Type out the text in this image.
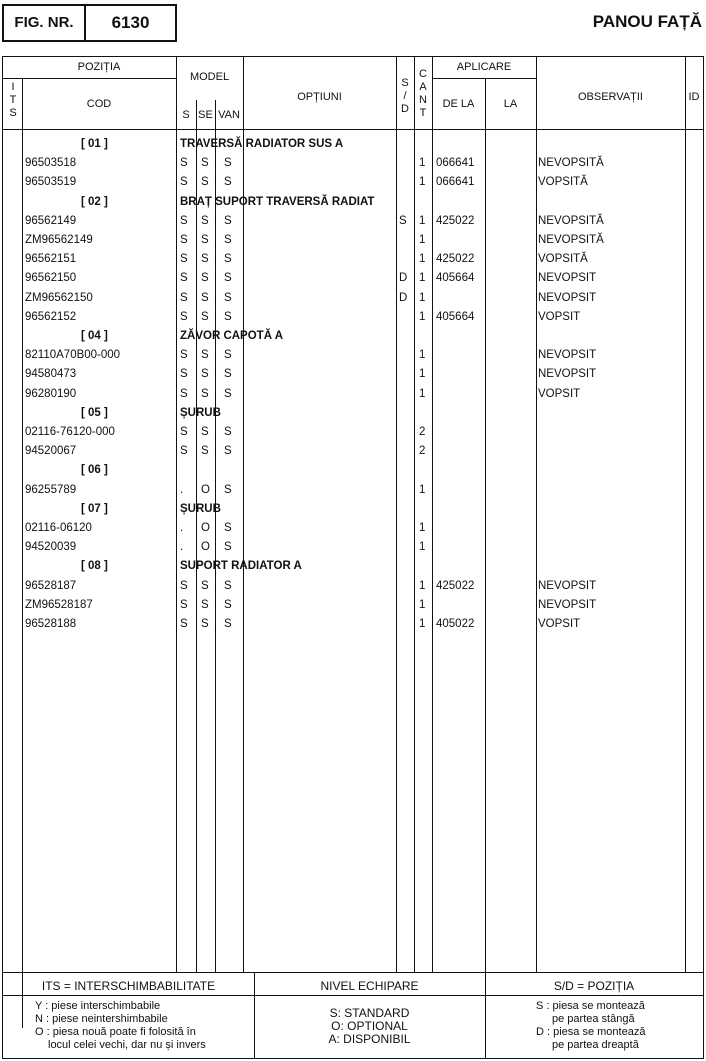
FIG. NR.	6130	PANOU FAȚĂ
POZIȚIA
I
T
S
COD
MODEL
S SE VAN
OPȚIUNI
S
/
D
C
A
N
T
APLICARE
DE LA	LA
OBSERVAȚII	ID
[ 01 ]	TRAVERSĂ RADIATOR SUS A
96503518	S S S	1 066641	NEVOPSITĂ
96503519	S S S	1 066641	VOPSITĂ
[ 02 ]	BRAȚ SUPORT TRAVERSĂ RADIAT
96562149	S S S	S 1 425022	NEVOPSITĂ
ZM96562149	S S S	1	NEVOPSITĂ
96562151	S S S	1 425022	VOPSITĂ
96562150	S S S	D 1 405664	NEVOPSIT
ZM96562150	S S S	D 1	NEVOPSIT
96562152	S S S	1 405664	VOPSIT
[ 04 ]	ZĂVOR CAPOTĂ A
82110A70B00-000	S S S	1	NEVOPSIT
94580473	S S S	1	NEVOPSIT
96280190	S S S	1	VOPSIT
[ 05 ]	ȘURUB
02116-76120-000	S S S	2
94520067	S S S	2
[ 06 ]
96255789	. O S	1
[ 07 ]	ȘURUB
02116-06120	. O S	1
94520039	. O S	1
[ 08 ]	SUPORT RADIATOR A
96528187	S S S	1 425022	NEVOPSIT
ZM96528187	S S S	1	NEVOPSIT
96528188	S S S	1 405022	VOPSIT
ITS = INTERSCHIMBABILITATE	NIVEL ECHIPARE	S/D = POZIȚIA
Y : piese interschimbabile
N : piese neintershimbabile
O : piesa nouă poate fi folosită în
locul celei vechi, dar nu și invers
S: STANDARD
O: OPTIONAL
A: DISPONIBIL
S : piesa se montează
pe partea stângă
D : piesa se montează
pe partea dreaptă
